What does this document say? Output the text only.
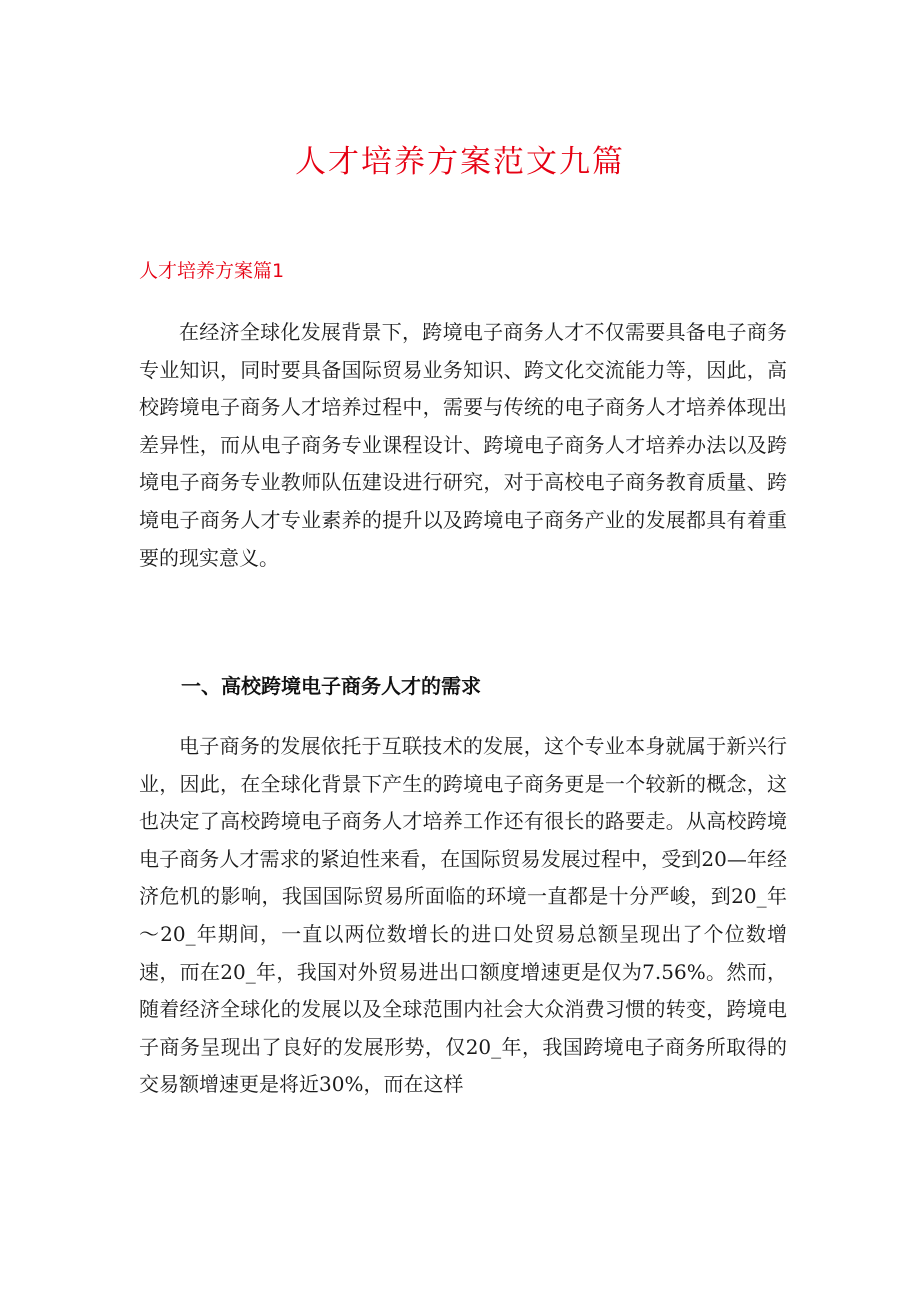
人才培养方案范文九篇
人才培养方案篇1

在经济全球化发展背景下，跨境电子商务人才不仅需要具备电子商务专业知识，同时要具备国际贸易业务知识、跨文化交流能力等，因此，高校跨境电子商务人才培养过程中，需要与传统的电子商务人才培养体现出差异性，而从电子商务专业课程设计、跨境电子商务人才培养办法以及跨境电子商务专业教师队伍建设进行研究，对于高校电子商务教育质量、跨境电子商务人才专业素养的提升以及跨境电子商务产业的发展都具有着重要的现实意义。

一、高校跨境电子商务人才的需求

电子商务的发展依托于互联技术的发展，这个专业本身就属于新兴行业，因此，在全球化背景下产生的跨境电子商务更是一个较新的概念，这也决定了高校跨境电子商务人才培养工作还有很长的路要走。从高校跨境电子商务人才需求的紧迫性来看，在国际贸易发展过程中，受到20—年经济危机的影响，我国国际贸易所面临的环境一直都是十分严峻，到20_年～20_年期间，一直以两位数增长的进口处贸易总额呈现出了个位数增速，而在20_年，我国对外贸易进出口额度增速更是仅为7.56%。然而，随着经济全球化的发展以及全球范围内社会大众消费习惯的转变，跨境电子商务呈现出了良好的发展形势，仅20_年，我国跨境电子商务所取得的交易额增速更是将近30%，而在这样
